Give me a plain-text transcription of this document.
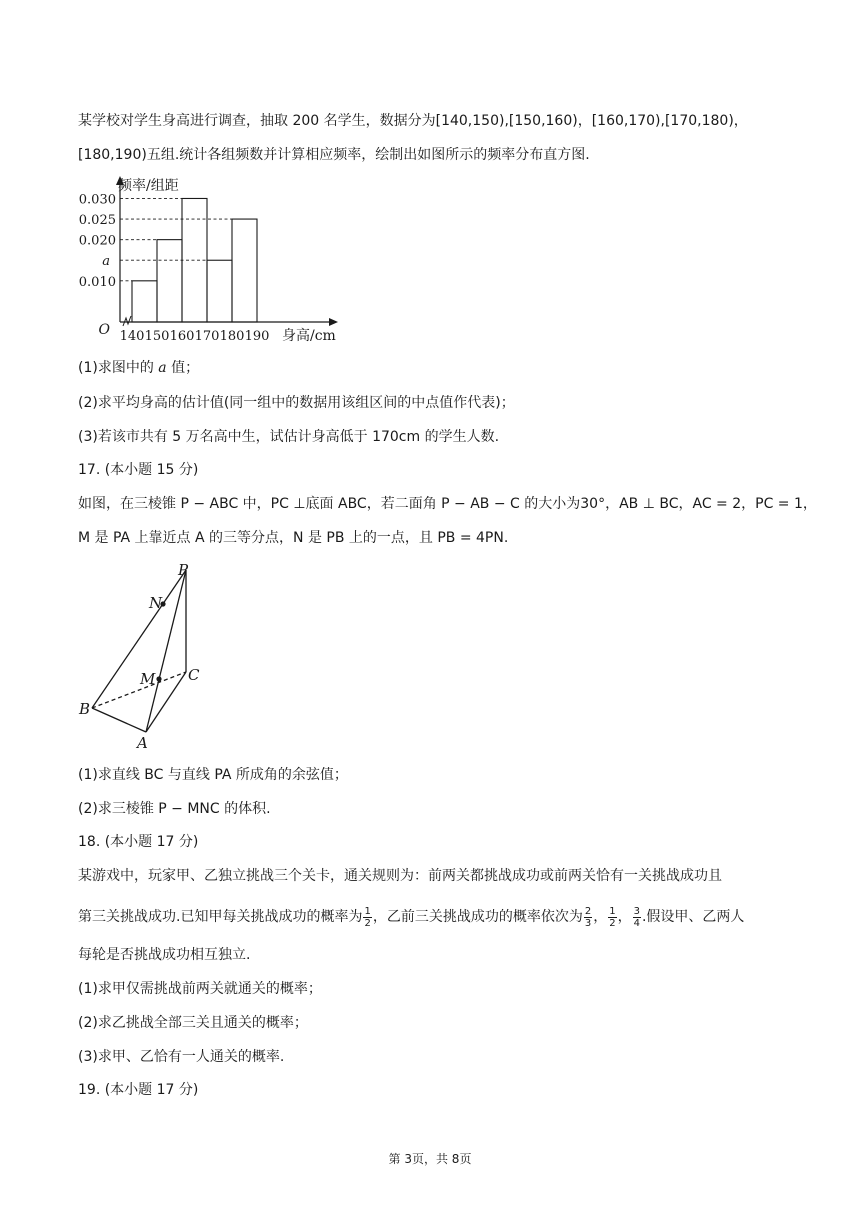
某学校对学生身高进行调查，抽取 200 名学生，数据分为[140,150),[150,160)，[160,170),[170,180)，
[180,190)五组.统计各组频数并计算相应频率，绘制出如图所示的频率分布直方图.
0.030
0.025
0.020
a
0.010
140 150 160 170 180 190
O
频率/组距
身高/cm
(1)求图中的 a 值；
(2)求平均身高的估计值(同一组中的数据用该组区间的中点值作代表)；
(3)若该市共有 5 万名高中生，试估计身高低于 170cm 的学生人数.
17. (本小题 15 分)
如图，在三棱锥 P − ABC 中，PC ⊥底面 ABC，若二面角 P − AB − C 的大小为30°，AB ⊥ BC，AC = 2，PC = 1，
M 是 PA 上靠近点 A 的三等分点，N 是 PB 上的一点，且 PB = 4PN.
P
N
M C
B
A
(1)求直线 BC 与直线 PA 所成角的余弦值；
(2)求三棱锥 P − MNC 的体积.
18. (本小题 17 分)
某游戏中，玩家甲、乙独立挑战三个关卡，通关规则为：前两关都挑战成功或前两关恰有一关挑战成功且
第三关挑战成功.已知甲每关挑战成功的概率为 $\frac{1}{2}$ ，乙前三关挑战成功的概率依次为 $\frac{2}{3}$ ， $\frac{1}{2}$ ， $\frac{3}{4}$ .假设甲、乙两人
每轮是否挑战成功相互独立.
(1)求甲仅需挑战前两关就通关的概率；
(2)求乙挑战全部三关且通关的概率；
(3)求甲、乙恰有一人通关的概率.
19. (本小题 17 分)
第 3页，共 8页
